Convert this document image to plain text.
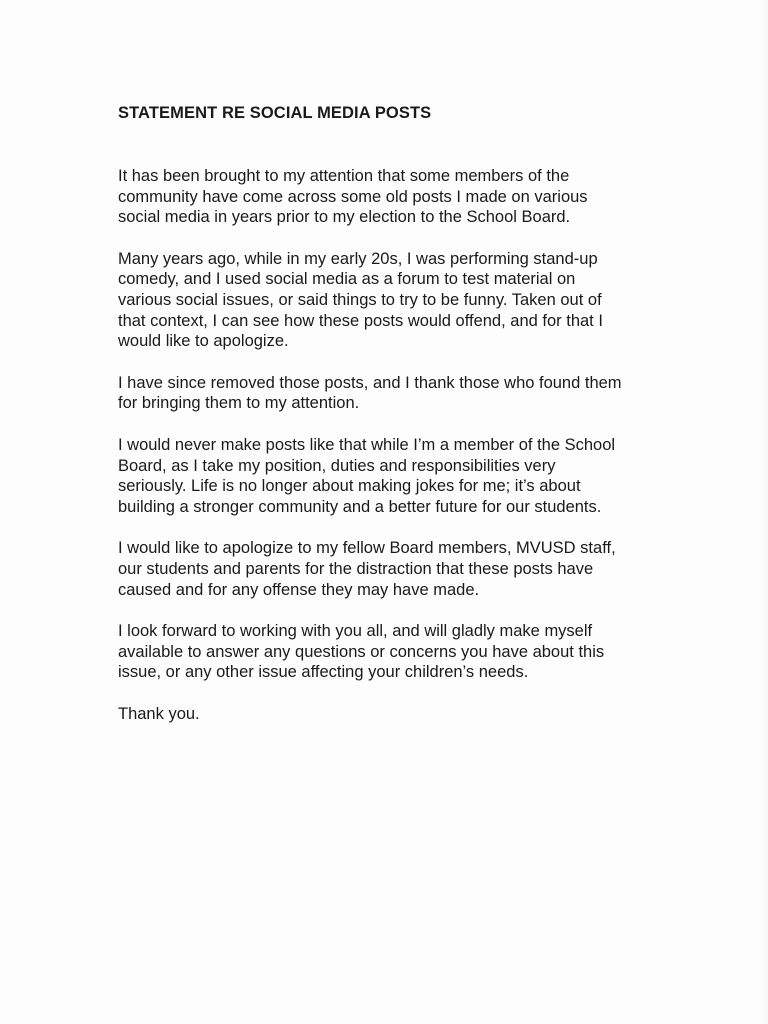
STATEMENT RE SOCIAL MEDIA POSTS

It has been brought to my attention that some members of the
community have come across some old posts I made on various
social media in years prior to my election to the School Board.

Many years ago, while in my early 20s, I was performing stand-up
comedy, and I used social media as a forum to test material on
various social issues, or said things to try to be funny. Taken out of
that context, I can see how these posts would offend, and for that I
would like to apologize.

I have since removed those posts, and I thank those who found them
for bringing them to my attention.

I would never make posts like that while I’m a member of the School
Board, as I take my position, duties and responsibilities very
seriously. Life is no longer about making jokes for me; it’s about
building a stronger community and a better future for our students.

I would like to apologize to my fellow Board members, MVUSD staff,
our students and parents for the distraction that these posts have
caused and for any offense they may have made.

I look forward to working with you all, and will gladly make myself
available to answer any questions or concerns you have about this
issue, or any other issue affecting your children’s needs.

Thank you.
